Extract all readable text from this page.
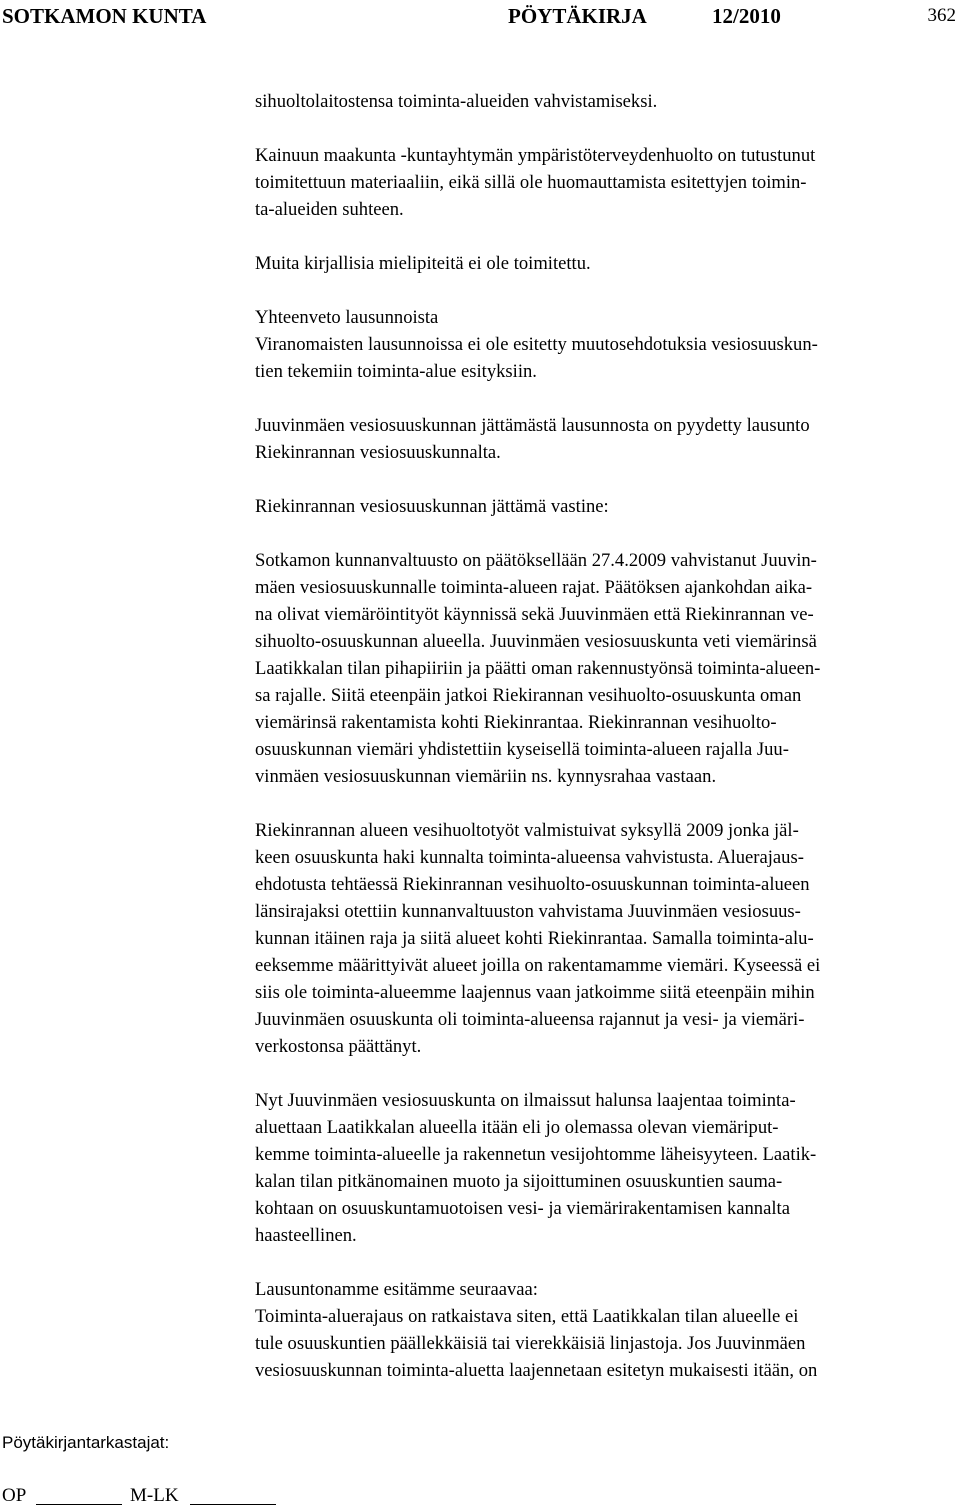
SOTKAMON KUNTA	PÖYTÄKIRJA	12/2010	362
sihuoltolaitostensa toiminta-alueiden vahvistamiseksi.
Kainuun maakunta -kuntayhtymän ympäristöterveydenhuolto on tutustunut
toimitettuun materiaaliin, eikä sillä ole huomauttamista esitettyjen toimin-
ta-alueiden suhteen.
Muita kirjallisia mielipiteitä ei ole toimitettu.
Yhteenveto lausunnoista
Viranomaisten lausunnoissa ei ole esitetty muutosehdotuksia vesiosuuskun-
tien tekemiin toiminta-alue esityksiin.
Juuvinmäen vesiosuuskunnan jättämästä lausunnosta on pyydetty lausunto
Riekinrannan vesiosuuskunnalta.
Riekinrannan vesiosuuskunnan jättämä vastine:
Sotkamon kunnanvaltuusto on päätöksellään 27.4.2009 vahvistanut Juuvin-
mäen vesiosuuskunnalle toiminta-alueen rajat. Päätöksen ajankohdan aika-
na olivat viemäröintityöt käynnissä sekä Juuvinmäen että Riekinrannan ve-
sihuolto-osuuskunnan alueella. Juuvinmäen vesiosuuskunta veti viemärinsä
Laatikkalan tilan pihapiiriin ja päätti oman rakennustyönsä toiminta-alueen-
sa rajalle. Siitä eteenpäin jatkoi Riekirannan vesihuolto-osuuskunta oman
viemärinsä rakentamista kohti Riekinrantaa. Riekinrannan vesihuolto-
osuuskunnan viemäri yhdistettiin kyseisellä toiminta-alueen rajalla Juu-
vinmäen vesiosuuskunnan viemäriin ns. kynnysrahaa vastaan.
Riekinrannan alueen vesihuoltotyöt valmistuivat syksyllä 2009 jonka jäl-
keen osuuskunta haki kunnalta toiminta-alueensa vahvistusta. Aluerajaus-
ehdotusta tehtäessä Riekinrannan vesihuolto-osuuskunnan toiminta-alueen
länsirajaksi otettiin kunnanvaltuuston vahvistama Juuvinmäen vesiosuus-
kunnan itäinen raja ja siitä alueet kohti Riekinrantaa. Samalla toiminta-alu-
eeksemme määrittyivät alueet joilla on rakentamamme viemäri. Kyseessä ei
siis ole toiminta-alueemme laajennus vaan jatkoimme siitä eteenpäin mihin
Juuvinmäen osuuskunta oli toiminta-alueensa rajannut ja vesi- ja viemäri-
verkostonsa päättänyt.
Nyt Juuvinmäen vesiosuuskunta on ilmaissut halunsa laajentaa toiminta-
aluettaan Laatikkalan alueella itään eli jo olemassa olevan viemäriput-
kemme toiminta-alueelle ja rakennetun vesijohtomme läheisyyteen. Laatik-
kalan tilan pitkänomainen muoto ja sijoittuminen osuuskuntien sauma-
kohtaan on osuuskuntamuotoisen vesi- ja viemärirakentamisen kannalta
haasteellinen.
Lausuntonamme esitämme seuraavaa:
Toiminta-aluerajaus on ratkaistava siten, että Laatikkalan tilan alueelle ei
tule osuuskuntien päällekkäisiä tai vierekkäisiä linjastoja. Jos Juuvinmäen
vesiosuuskunnan toiminta-aluetta laajennetaan esitetyn mukaisesti itään, on
Pöytäkirjantarkastajat:
OP	M-LK
